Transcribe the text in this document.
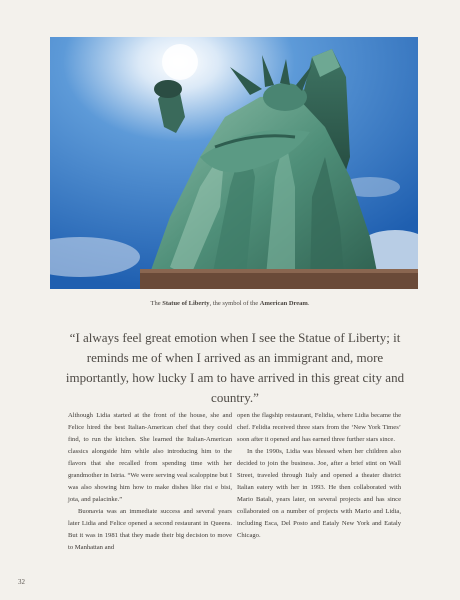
The Statue of Liberty, the symbol of the American Dream.
“I always feel great emotion when I see the Statue of Liberty; it reminds me of when I arrived as an immigrant and, more importantly, how lucky I am to have arrived in this great city and country.”

Although Lidia started at the front of the house, she and Felice hired the best Italian-American chef that they could find, to run the kitchen. She learned the Italian-American classics alongside him while also introducing him to the flavors that she recalled from spending time with her grandmother in Istria. “We were serving veal scaloppine but I was also showing him how to make dishes like risi e bisi, jota, and palacinke.”

Buonavia was an immediate success and several years later Lidia and Felice opened a second restaurant in Queens. But it was in 1981 that they made their big decision to move to Manhattan and

open the flagship restaurant, Felidia, where Lidia became the chef. Felidia received three stars from the ‘New York Times’ soon after it opened and has earned three further stars since.

In the 1990s, Lidia was blessed when her children also decided to join the business. Joe, after a brief stint on Wall Street, traveled through Italy and opened a theater district Italian eatery with her in 1993. He then collaborated with Mario Batali, years later, on several projects and has since collaborated on a number of projects with Mario and Lidia, including Esca, Del Posto and Eataly New York and Eataly Chicago.

32
